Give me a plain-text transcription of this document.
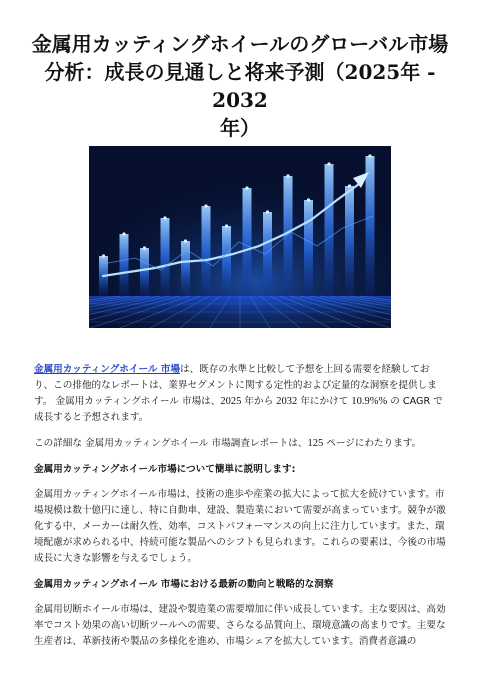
金属用カッティングホイールのグローバル市場
分析：成長の見通しと将来予測（2025年 - 2032
年）

金属用カッティングホイール 市場は、既存の水準と比較して予想を上回る需要を経験しており、この排他的なレポートは、業界セグメントに関する定性的および定量的な洞察を提供します。 金属用カッティングホイール 市場は、2025 年から 2032 年にかけて 10.9%% の CAGR で成長すると予想されます。

この詳細な 金属用カッティングホイール 市場調査レポートは、125 ページにわたります。

金属用カッティングホイール市場について簡単に説明します:

金属用カッティングホイール市場は、技術の進歩や産業の拡大によって拡大を続けています。市場規模は数十億円に達し、特に自動車、建設、製造業において需要が高まっています。競争が激化する中、メーカーは耐久性、効率、コストパフォーマンスの向上に注力しています。また、環境配慮が求められる中、持続可能な製品へのシフトも見られます。これらの要素は、今後の市場成長に大きな影響を与えるでしょう。

金属用カッティングホイール 市場における最新の動向と戦略的な洞察

金属用切断ホイール市場は、建設や製造業の需要増加に伴い成長しています。主な要因は、高効率でコスト効果の高い切断ツールへの需要、さらなる品質向上、環境意識の高まりです。主要な生産者は、革新技術や製品の多様化を進め、市場シェアを拡大しています。消費者意識の
